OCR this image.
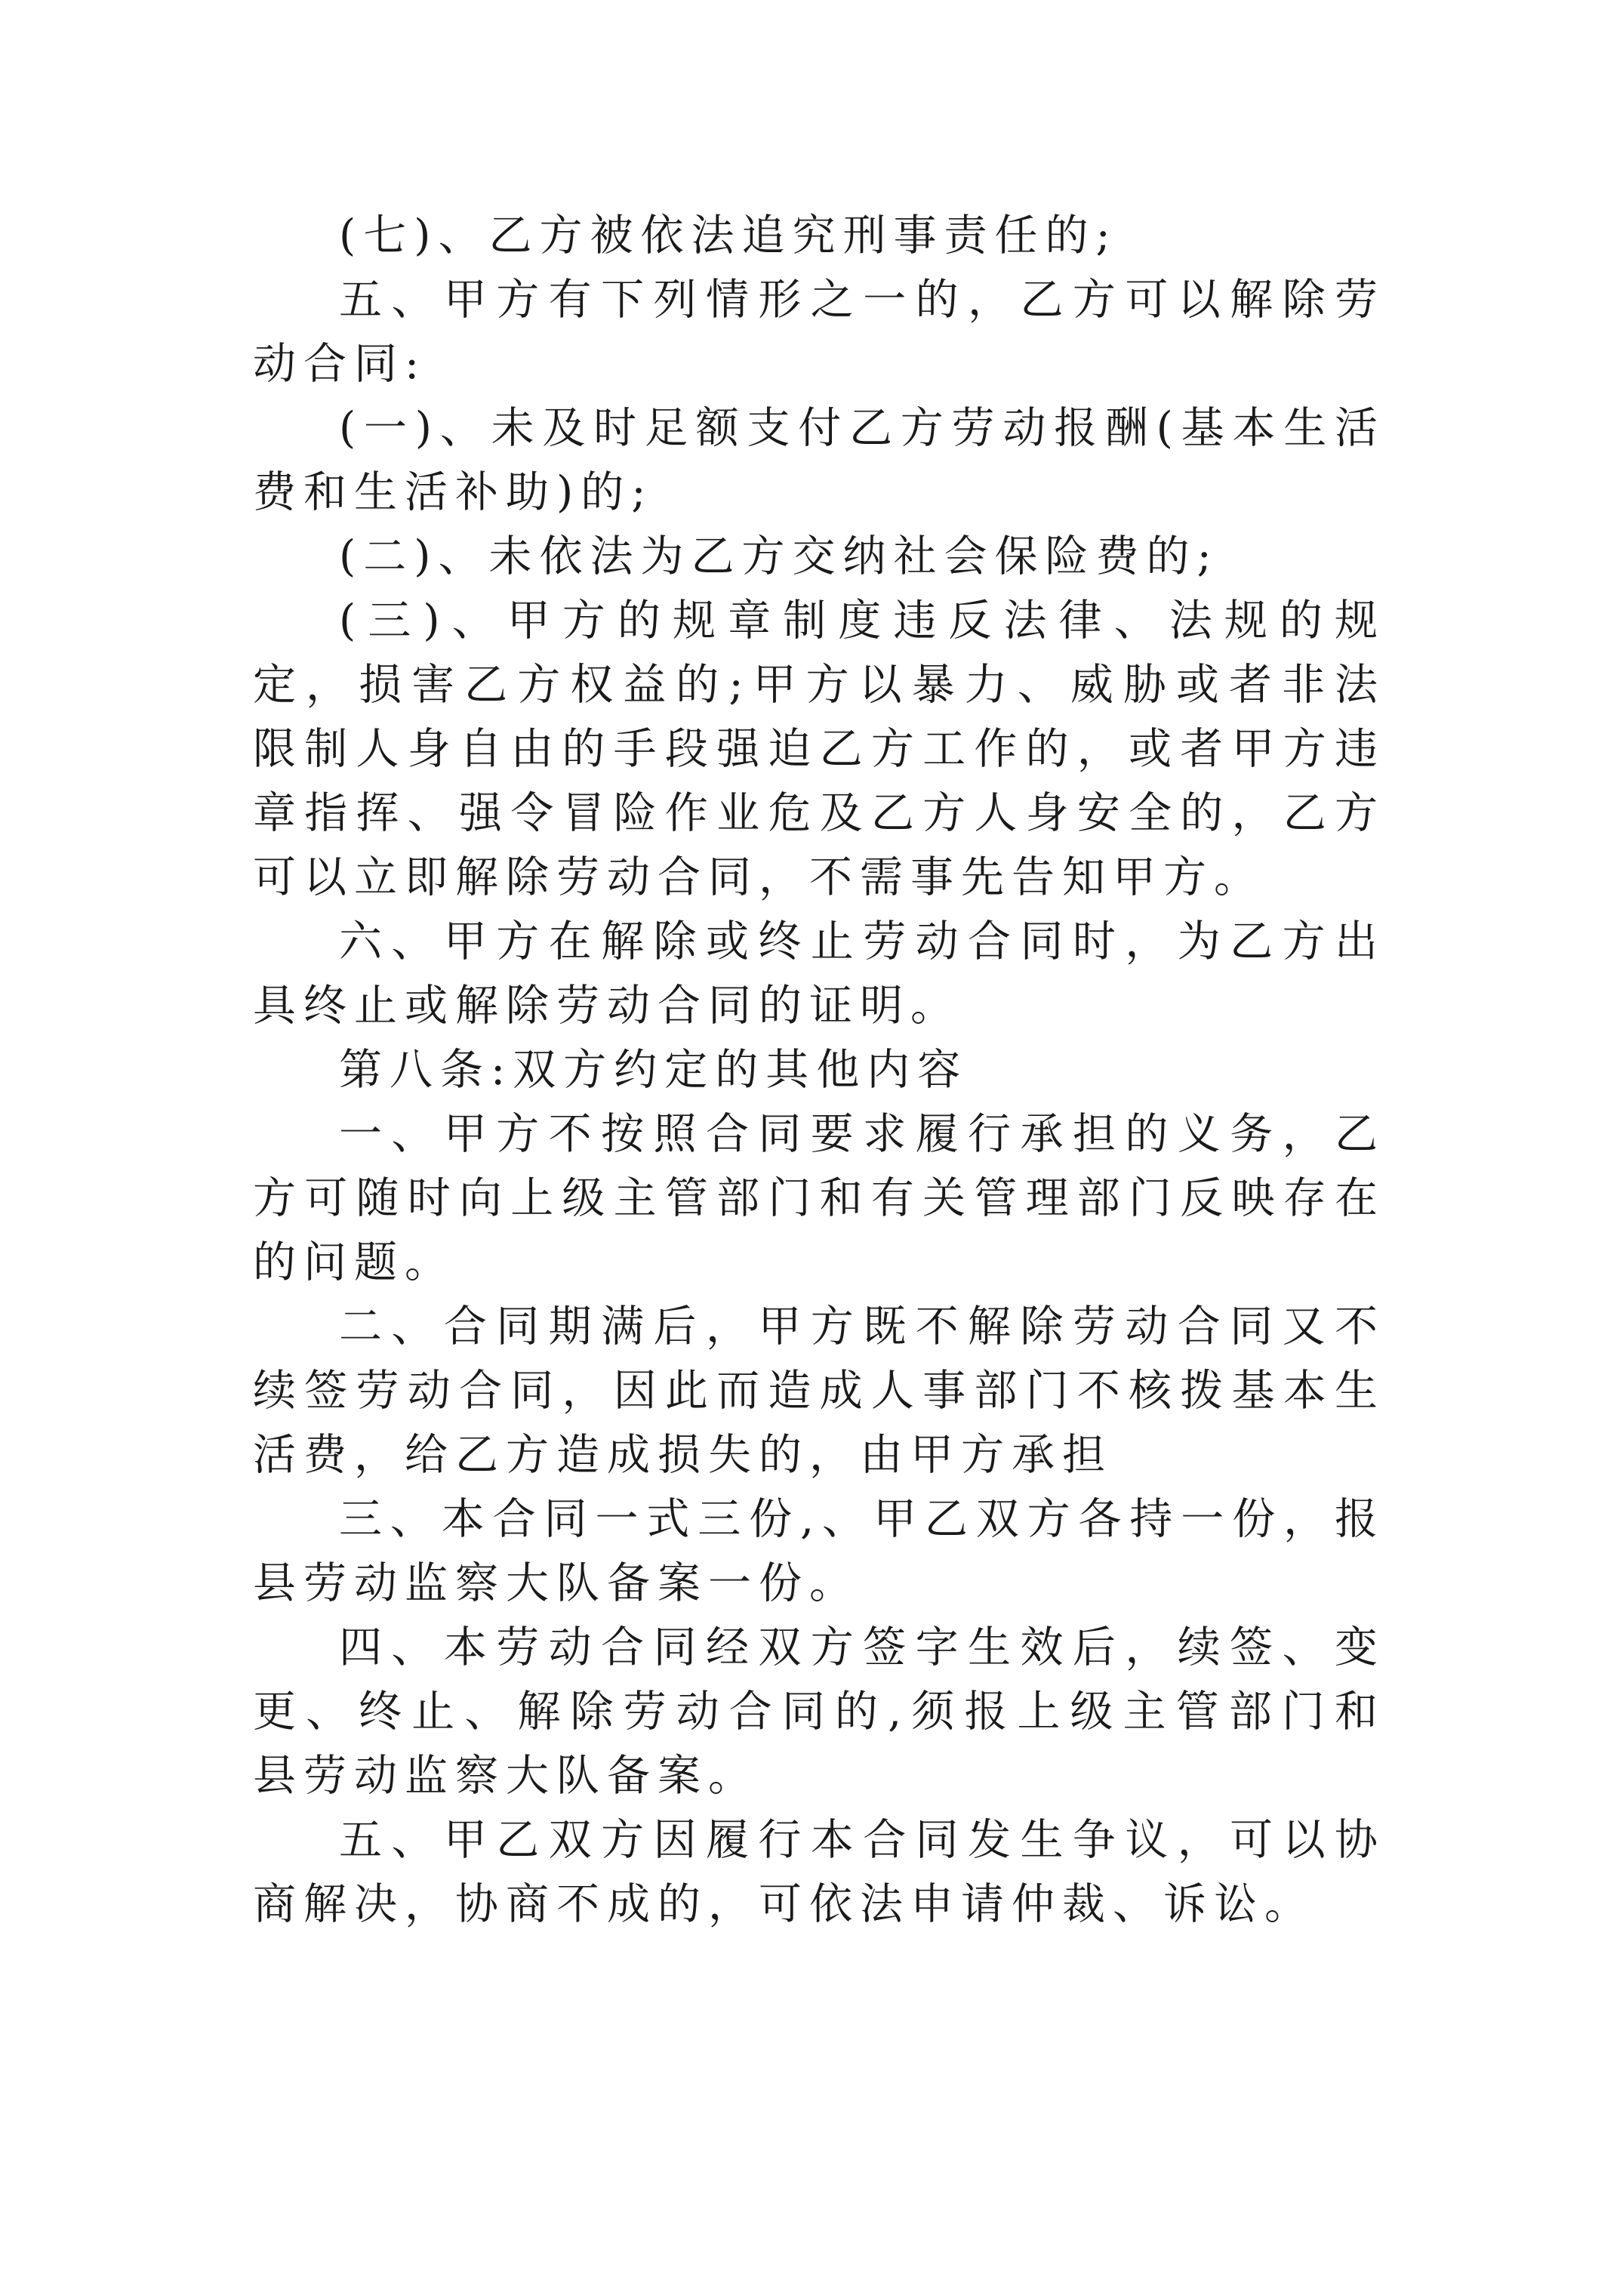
(七)、乙方被依法追究刑事责任的;

五、甲方有下列情形之一的，乙方可以解除劳动合同:

(一)、未及时足额支付乙方劳动报酬(基本生活费和生活补助)的;

(二)、未依法为乙方交纳社会保险费的;

(三)、甲方的规章制度违反法律、法规的规定，损害乙方权益的;甲方以暴力、威胁或者非法限制人身自由的手段强迫乙方工作的，或者甲方违章指挥、强令冒险作业危及乙方人身安全的，乙方可以立即解除劳动合同，不需事先告知甲方。

六、甲方在解除或终止劳动合同时，为乙方出具终止或解除劳动合同的证明。

第八条:双方约定的其他内容

一、甲方不按照合同要求履行承担的义务，乙方可随时向上级主管部门和有关管理部门反映存在的问题。

二、合同期满后，甲方既不解除劳动合同又不续签劳动合同，因此而造成人事部门不核拨基本生活费，给乙方造成损失的，由甲方承担

三、本合同一式三份,、甲乙双方各持一份，报县劳动监察大队备案一份。

四、本劳动合同经双方签字生效后，续签、变更、终止、解除劳动合同的,须报上级主管部门和县劳动监察大队备案。

五、甲乙双方因履行本合同发生争议，可以协商解决，协商不成的，可依法申请仲裁、诉讼。
